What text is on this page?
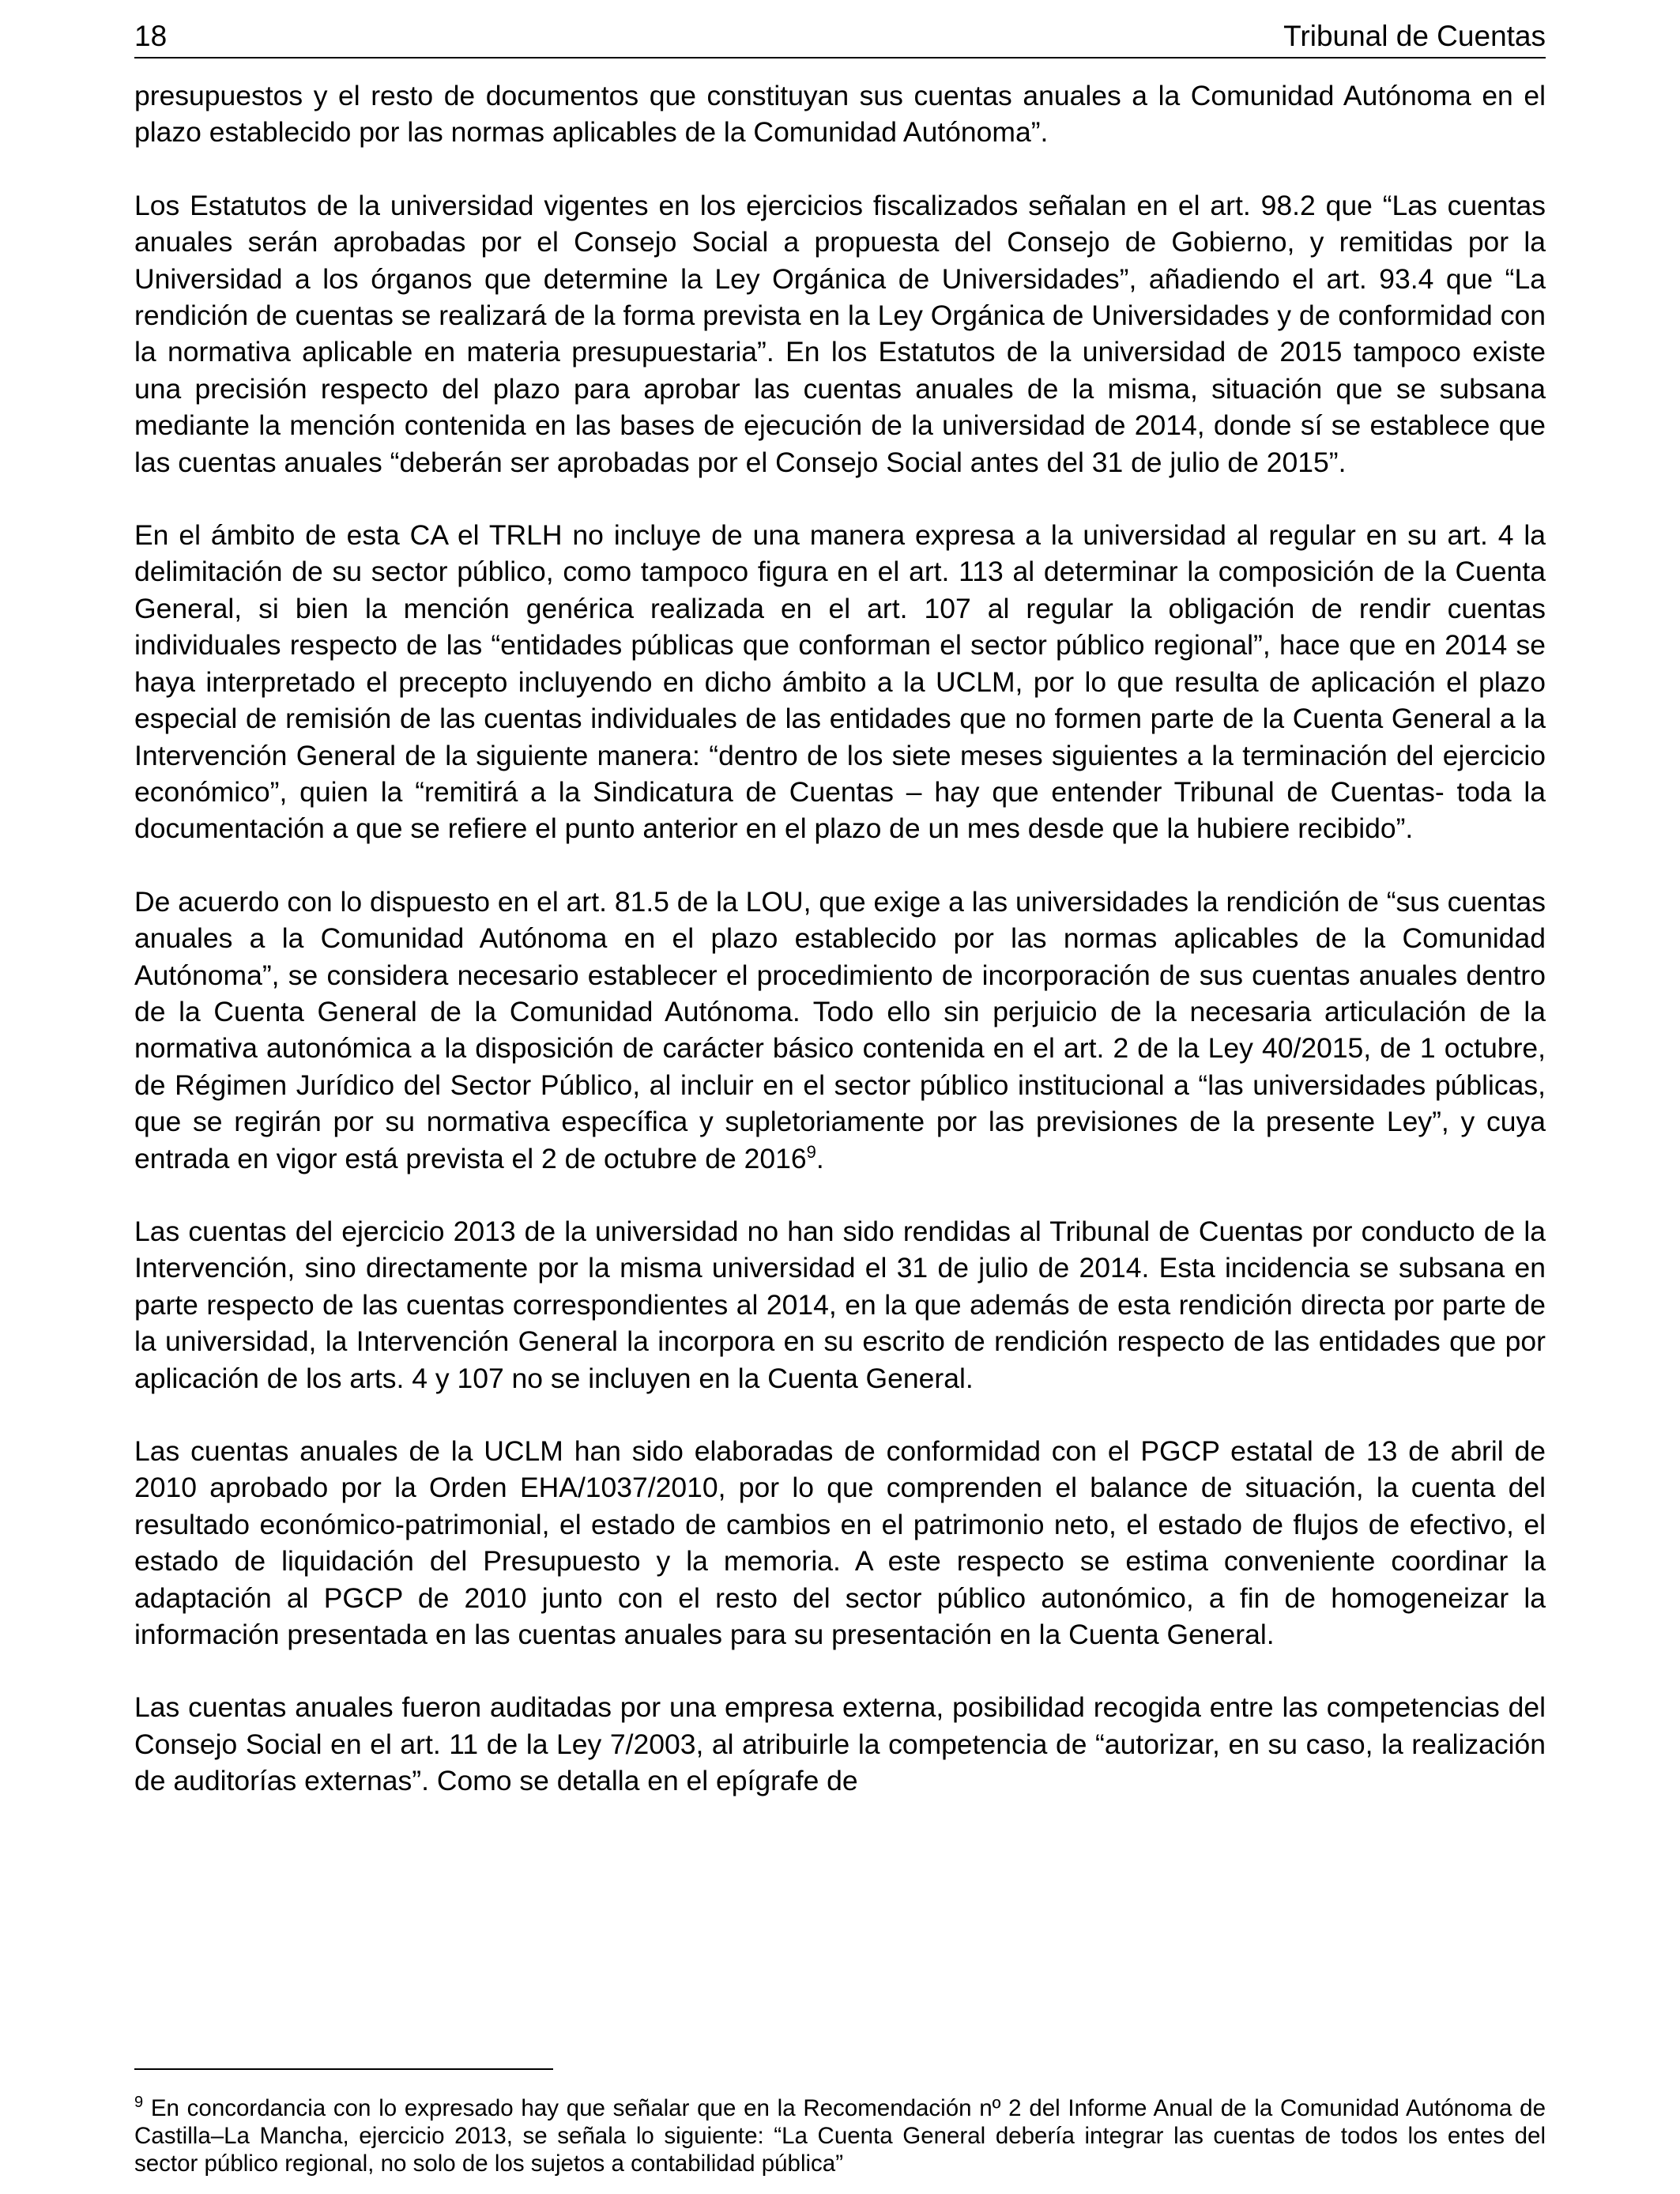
18	Tribunal de Cuentas

presupuestos y el resto de documentos que constituyan sus cuentas anuales a la Comunidad Autónoma en el plazo establecido por las normas aplicables de la Comunidad Autónoma”.

Los Estatutos de la universidad vigentes en los ejercicios fiscalizados señalan en el art. 98.2 que “Las cuentas anuales serán aprobadas por el Consejo Social a propuesta del Consejo de Gobierno, y remitidas por la Universidad a los órganos que determine la Ley Orgánica de Universidades”, añadiendo el art. 93.4 que “La rendición de cuentas se realizará de la forma prevista en la Ley Orgánica de Universidades y de conformidad con la normativa aplicable en materia presupuestaria”. En los Estatutos de la universidad de 2015 tampoco existe una precisión respecto del plazo para aprobar las cuentas anuales de la misma, situación que se subsana mediante la mención contenida en las bases de ejecución de la universidad de 2014, donde sí se establece que las cuentas anuales “deberán ser aprobadas por el Consejo Social antes del 31 de julio de 2015”.

En el ámbito de esta CA el TRLH no incluye de una manera expresa a la universidad al regular en su art. 4 la delimitación de su sector público, como tampoco figura en el art. 113 al determinar la composición de la Cuenta General, si bien la mención genérica realizada en el art. 107 al regular la obligación de rendir cuentas individuales respecto de las “entidades públicas que conforman el sector público regional”, hace que en 2014 se haya interpretado el precepto incluyendo en dicho ámbito a la UCLM, por lo que resulta de aplicación el plazo especial de remisión de las cuentas individuales de las entidades que no formen parte de la Cuenta General a la Intervención General de la siguiente manera: “dentro de los siete meses siguientes a la terminación del ejercicio económico”, quien la “remitirá a la Sindicatura de Cuentas – hay que entender Tribunal de Cuentas- toda la documentación a que se refiere el punto anterior en el plazo de un mes desde que la hubiere recibido”.

De acuerdo con lo dispuesto en el art. 81.5 de la LOU, que exige a las universidades la rendición de “sus cuentas anuales a la Comunidad Autónoma en el plazo establecido por las normas aplicables de la Comunidad Autónoma”, se considera necesario establecer el procedimiento de incorporación de sus cuentas anuales dentro de la Cuenta General de la Comunidad Autónoma. Todo ello sin perjuicio de la necesaria articulación de la normativa autonómica a la disposición de carácter básico contenida en el art. 2 de la Ley 40/2015, de 1 octubre, de Régimen Jurídico del Sector Público, al incluir en el sector público institucional a “las universidades públicas, que se regirán por su normativa específica y supletoriamente por las previsiones de la presente Ley”, y cuya entrada en vigor está prevista el 2 de octubre de 2016$^9$.

Las cuentas del ejercicio 2013 de la universidad no han sido rendidas al Tribunal de Cuentas por conducto de la Intervención, sino directamente por la misma universidad el 31 de julio de 2014. Esta incidencia se subsana en parte respecto de las cuentas correspondientes al 2014, en la que además de esta rendición directa por parte de la universidad, la Intervención General la incorpora en su escrito de rendición respecto de las entidades que por aplicación de los arts. 4 y 107 no se incluyen en la Cuenta General.

Las cuentas anuales de la UCLM han sido elaboradas de conformidad con el PGCP estatal de 13 de abril de 2010 aprobado por la Orden EHA/1037/2010, por lo que comprenden el balance de situación, la cuenta del resultado económico-patrimonial, el estado de cambios en el patrimonio neto, el estado de flujos de efectivo, el estado de liquidación del Presupuesto y la memoria. A este respecto se estima conveniente coordinar la adaptación al PGCP de 2010 junto con el resto del sector público autonómico, a fin de homogeneizar la información presentada en las cuentas anuales para su presentación en la Cuenta General.

Las cuentas anuales fueron auditadas por una empresa externa, posibilidad recogida entre las competencias del Consejo Social en el art. 11 de la Ley 7/2003, al atribuirle la competencia de “autorizar, en su caso, la realización de auditorías externas”. Como se detalla en el epígrafe de

$^9$ En concordancia con lo expresado hay que señalar que en la Recomendación nº 2 del Informe Anual de la Comunidad Autónoma de Castilla–La Mancha, ejercicio 2013, se señala lo siguiente: “La Cuenta General debería integrar las cuentas de todos los entes del sector público regional, no solo de los sujetos a contabilidad pública”
